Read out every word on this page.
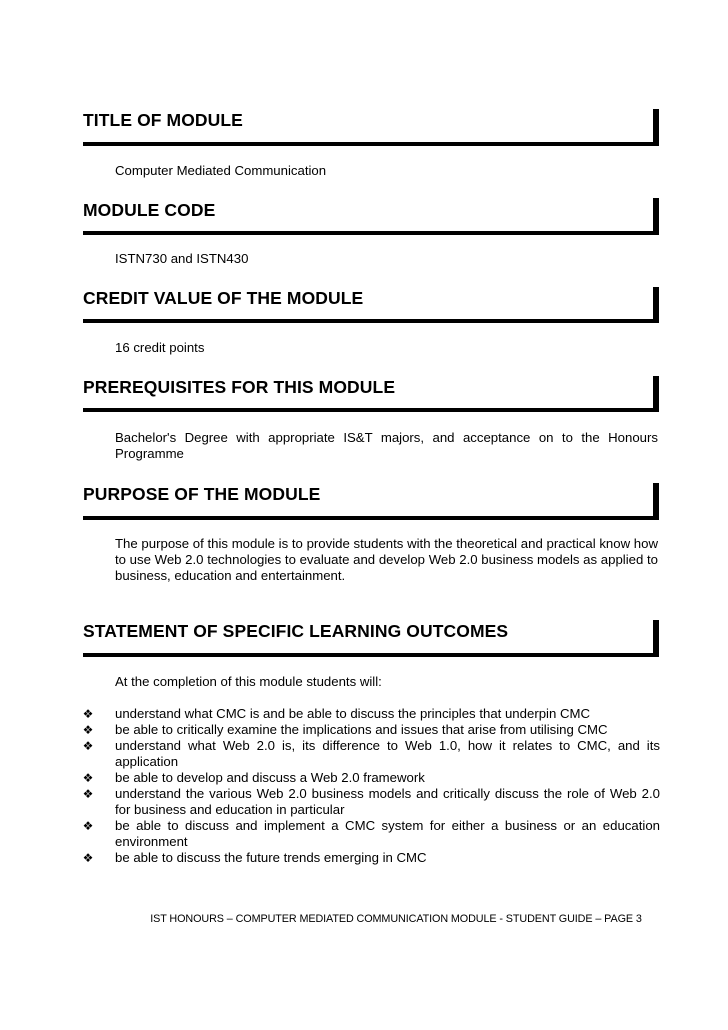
TITLE OF MODULE
Computer Mediated Communication
MODULE CODE
ISTN730 and ISTN430
CREDIT VALUE OF THE MODULE
16 credit points
PREREQUISITES FOR THIS MODULE
Bachelor's Degree with appropriate IS&T majors, and acceptance on to the Honours Programme
PURPOSE OF THE MODULE
The purpose of this module is to provide students with the theoretical and practical know how to use Web 2.0 technologies to evaluate and develop Web 2.0 business models as applied to business, education and entertainment.
STATEMENT OF SPECIFIC LEARNING OUTCOMES
At the completion of this module students will:
❖ understand what CMC is and be able to discuss the principles that underpin CMC
❖ be able to critically examine the implications and issues that arise from utilising CMC
❖ understand what Web 2.0 is, its difference to Web 1.0, how it relates to CMC, and its application
❖ be able to develop and discuss a Web 2.0 framework
❖ understand the various Web 2.0 business models and critically discuss the role of Web 2.0 for business and education in particular
❖ be able to discuss and implement a CMC system for either a business or an education environment
❖ be able to discuss the future trends emerging in CMC
IST HONOURS – COMPUTER MEDIATED COMMUNICATION MODULE - STUDENT GUIDE – PAGE 3
